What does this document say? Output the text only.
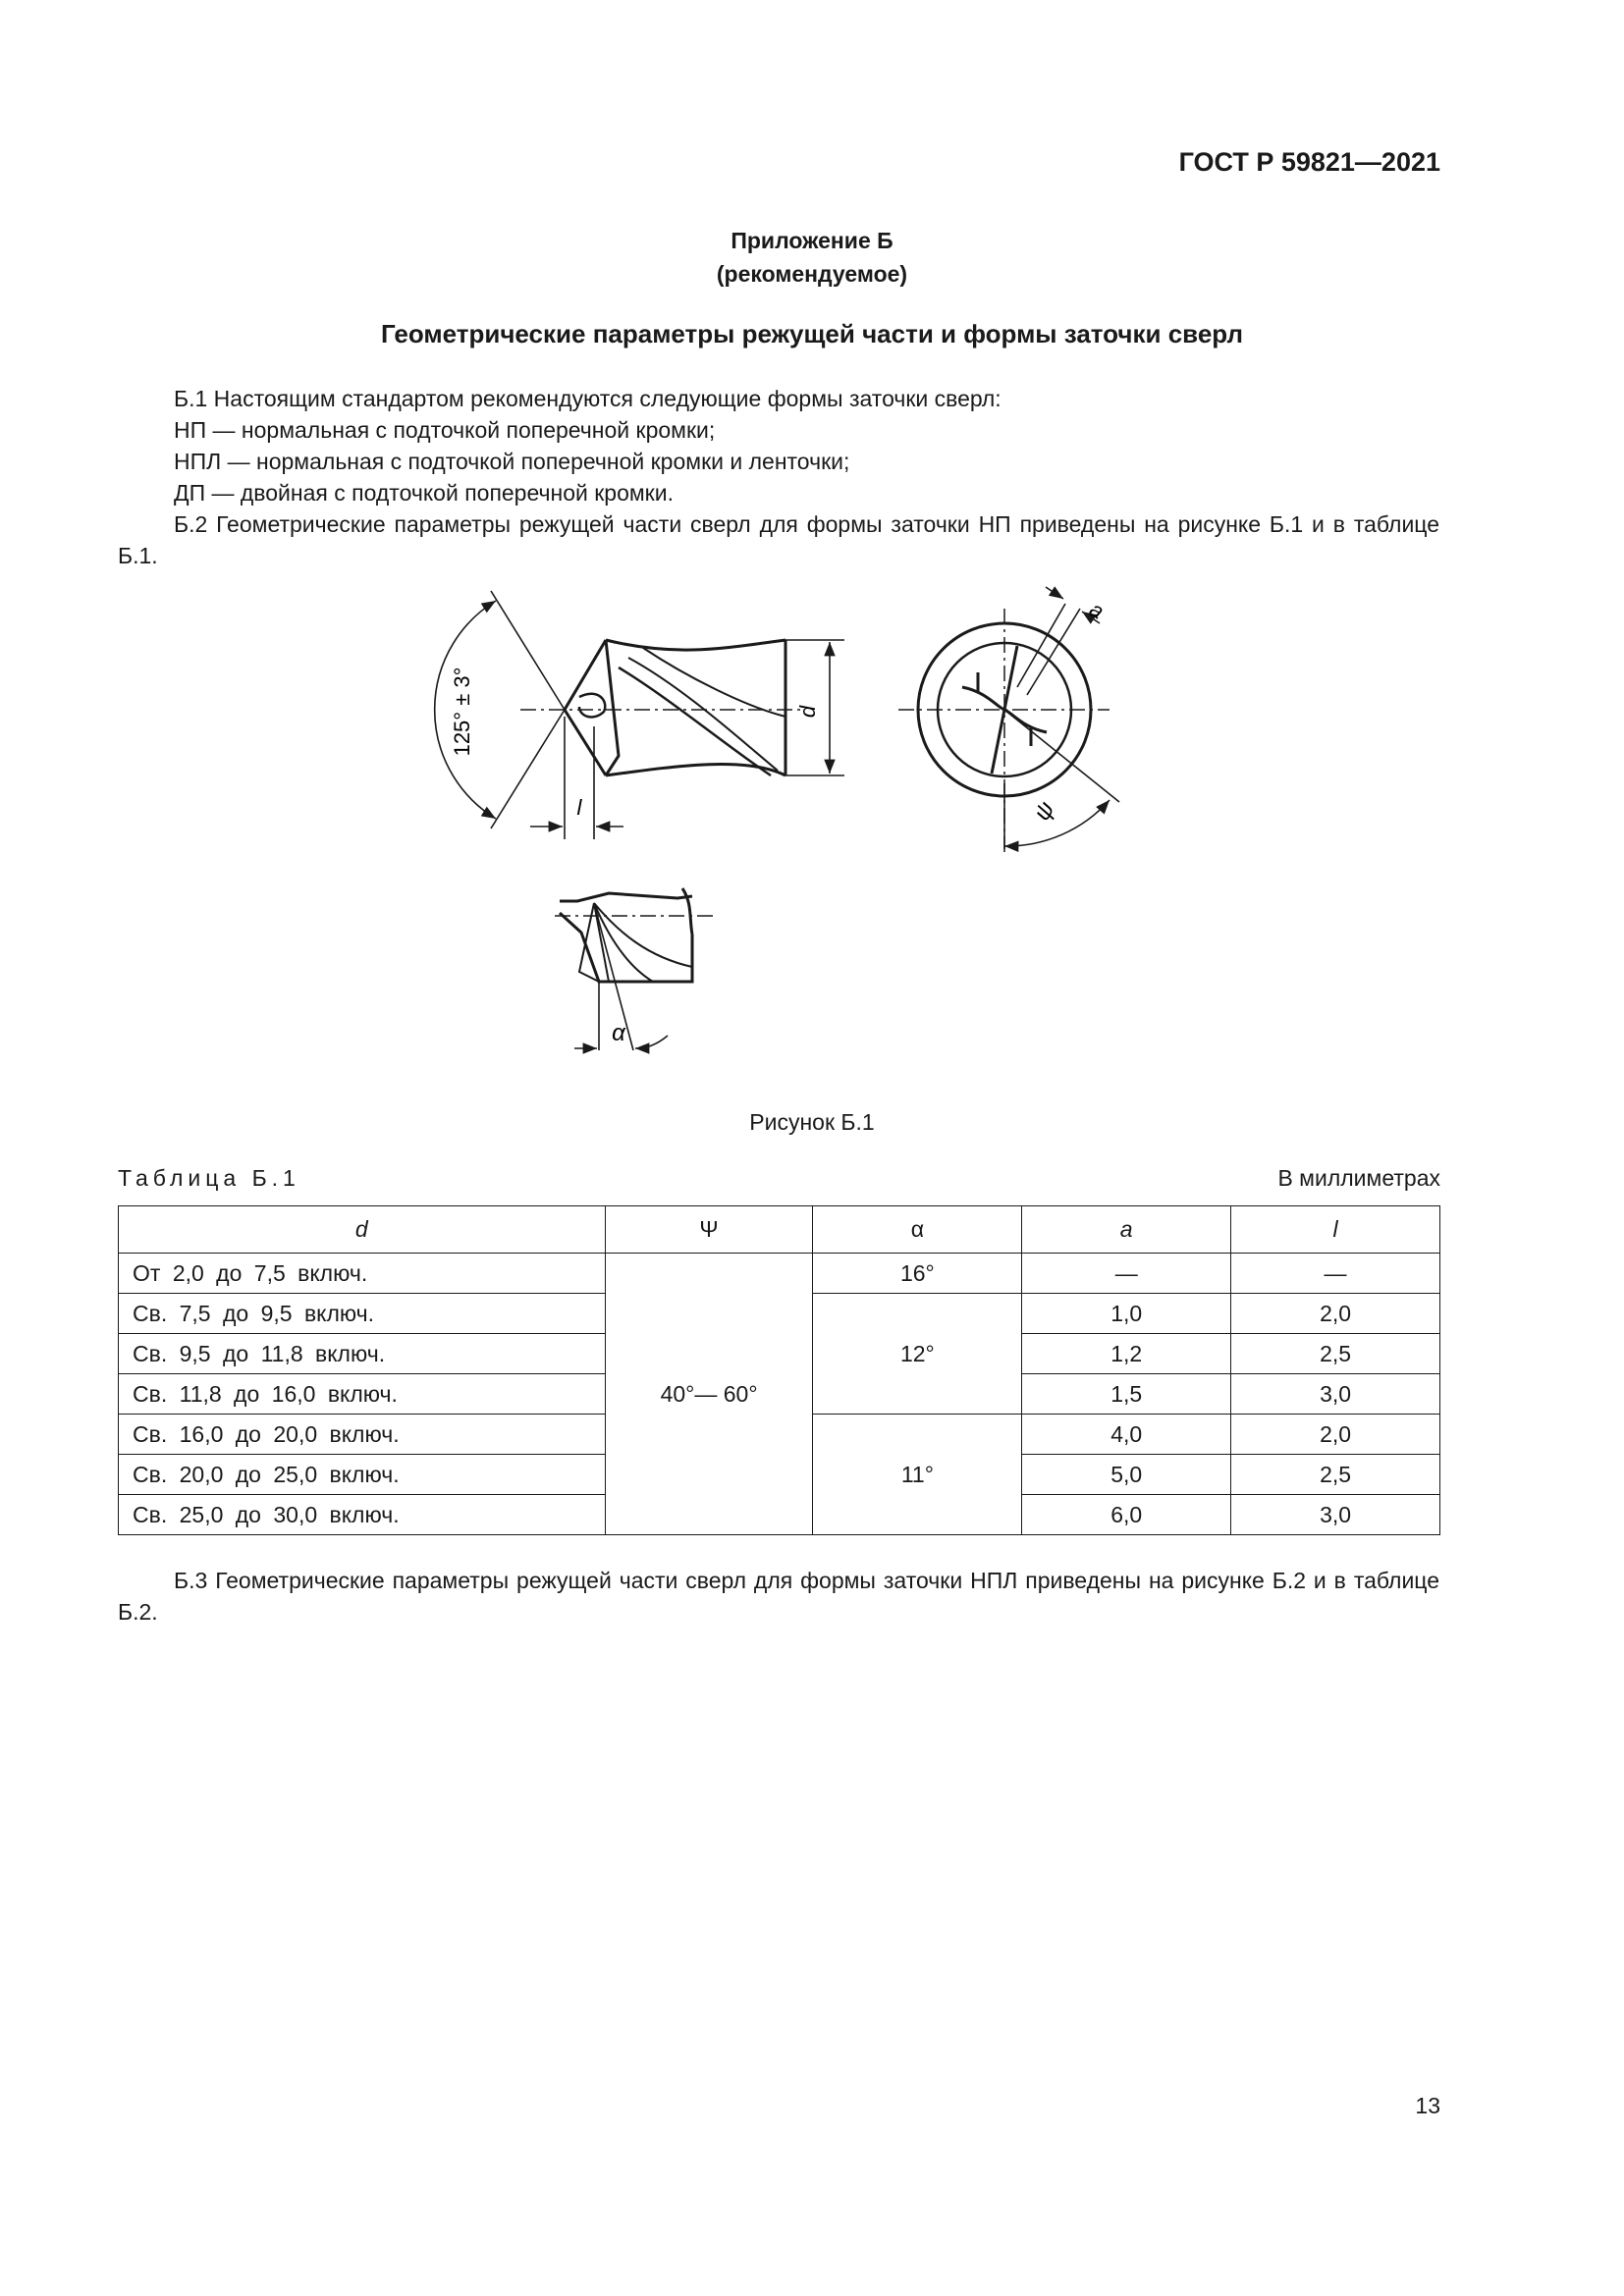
ГОСТ Р 59821—2021
Приложение Б
(рекомендуемое)
Геометрические параметры режущей части и формы заточки сверл

Б.1 Настоящим стандартом рекомендуются следующие формы заточки сверл:

НП — нормальная с подточкой поперечной кромки;

НПЛ — нормальная с подточкой поперечной кромки и ленточки;

ДП — двойная с подточкой поперечной кромки.

Б.2 Геометрические параметры режущей части сверл для формы заточки НП приведены на рисунке Б.1 и в таблице Б.1.

125° ± 3°	d
l
a
ψ
α
Рисунок Б.1
Таблица Б.1	В миллиметрах
d	Ψ	α	a	l
От 2,0 до 7,5 включ.	40°— 60°	16°	—	—
Св. 7,5 до 9,5 включ.		12°	1,0	2,0
Св. 9,5 до 11,8 включ.			1,2	2,5
Св. 11,8 до 16,0 включ.			1,5	3,0
Св. 16,0 до 20,0 включ.		11°	4,0	2,0
Св. 20,0 до 25,0 включ.			5,0	2,5
Св. 25,0 до 30,0 включ.			6,0	3,0

Б.3 Геометрические параметры режущей части сверл для формы заточки НПЛ приведены на рисунке Б.2 и в таблице Б.2.

13
